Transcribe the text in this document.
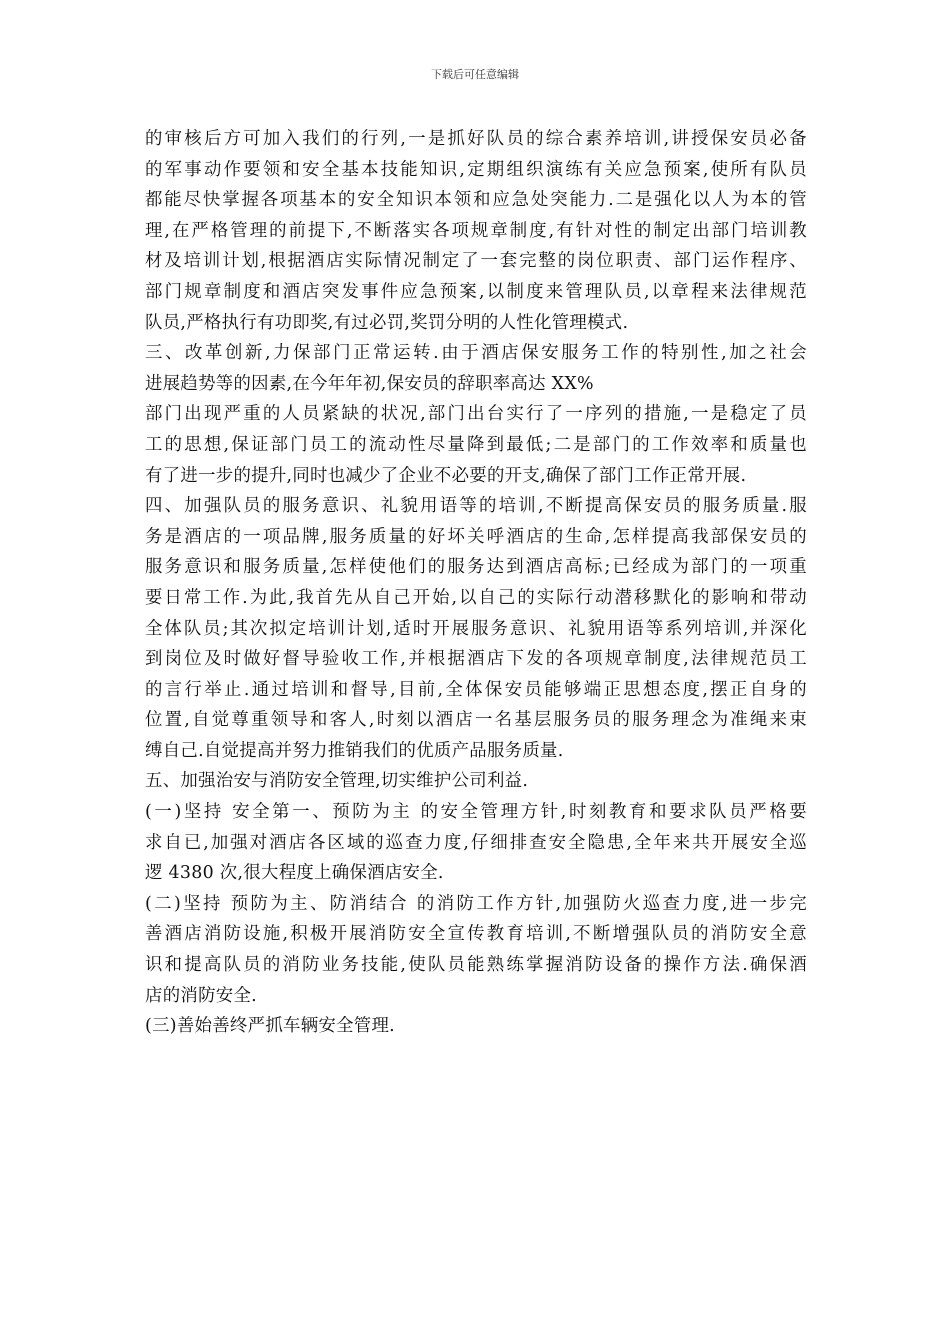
下载后可任意编辑

的审核后方可加入我们的行列,一是抓好队员的综合素养培训,讲授保安员必备
的军事动作要领和安全基本技能知识,定期组织演练有关应急预案,使所有队员
都能尽快掌握各项基本的安全知识本领和应急处突能力.二是强化以人为本的管
理,在严格管理的前提下,不断落实各项规章制度,有针对性的制定出部门培训教
材及培训计划,根据酒店实际情况制定了一套完整的岗位职责、部门运作程序、
部门规章制度和酒店突发事件应急预案,以制度来管理队员,以章程来法律规范
队员,严格执行有功即奖,有过必罚,奖罚分明的人性化管理模式.

三、改革创新,力保部门正常运转.由于酒店保安服务工作的特别性,加之社会
进展趋势等的因素,在今年年初,保安员的辞职率高达 XX%

部门出现严重的人员紧缺的状况,部门出台实行了一序列的措施,一是稳定了员
工的思想,保证部门员工的流动性尽量降到最低;二是部门的工作效率和质量也
有了进一步的提升,同时也减少了企业不必要的开支,确保了部门工作正常开展.

四、加强队员的服务意识、礼貌用语等的培训,不断提高保安员的服务质量.服
务是酒店的一项品牌,服务质量的好坏关呼酒店的生命,怎样提高我部保安员的
服务意识和服务质量,怎样使他们的服务达到酒店高标;已经成为部门的一项重
要日常工作.为此,我首先从自己开始,以自己的实际行动潜移默化的影响和带动
全体队员;其次拟定培训计划,适时开展服务意识、礼貌用语等系列培训,并深化
到岗位及时做好督导验收工作,并根据酒店下发的各项规章制度,法律规范员工
的言行举止.通过培训和督导,目前,全体保安员能够端正思想态度,摆正自身的
位置,自觉尊重领导和客人,时刻以酒店一名基层服务员的服务理念为准绳来束
缚自己.自觉提高并努力推销我们的优质产品服务质量.

五、加强治安与消防安全管理,切实维护公司利益.

(一)坚持 安全第一、预防为主 的安全管理方针,时刻教育和要求队员严格要
求自已,加强对酒店各区域的巡查力度,仔细排查安全隐患,全年来共开展安全巡
逻 4380 次,很大程度上确保酒店安全.

(二)坚持 预防为主、防消结合 的消防工作方针,加强防火巡查力度,进一步完
善酒店消防设施,积极开展消防安全宣传教育培训,不断增强队员的消防安全意
识和提高队员的消防业务技能,使队员能熟练掌握消防设备的操作方法.确保酒
店的消防安全.

(三)善始善终严抓车辆安全管理.
